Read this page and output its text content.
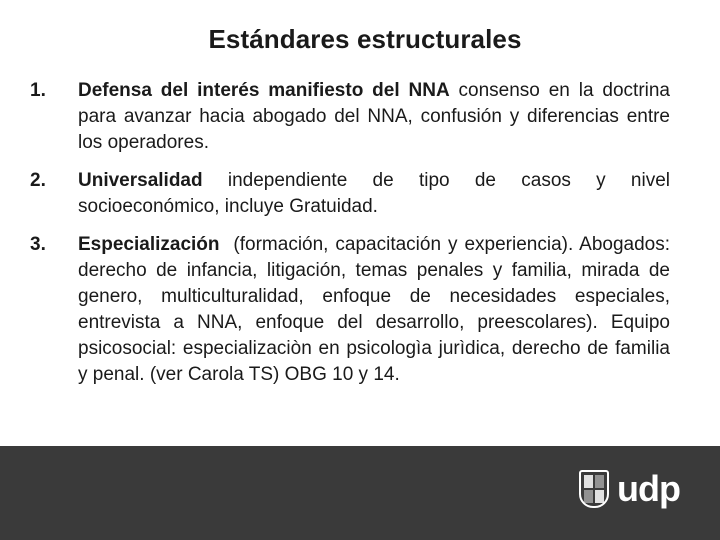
Estándares estructurales
1. Defensa del interés manifiesto del NNA consenso en la doctrina para avanzar hacia abogado del NNA, confusión y diferencias entre los operadores.
2. Universalidad independiente de tipo de casos y nivel socioeconómico, incluye Gratuidad.
3. Especialización  (formación, capacitación y experiencia). Abogados: derecho de infancia, litigación, temas penales y familia, mirada de genero, multiculturalidad, enfoque de necesidades especiales, entrevista a NNA, enfoque del desarrollo, preescolares). Equipo psicosocial: especializaciòn en psicologìa jurìdica, derecho de familia y penal. (ver Carola TS) OBG 10 y 14.
udp
